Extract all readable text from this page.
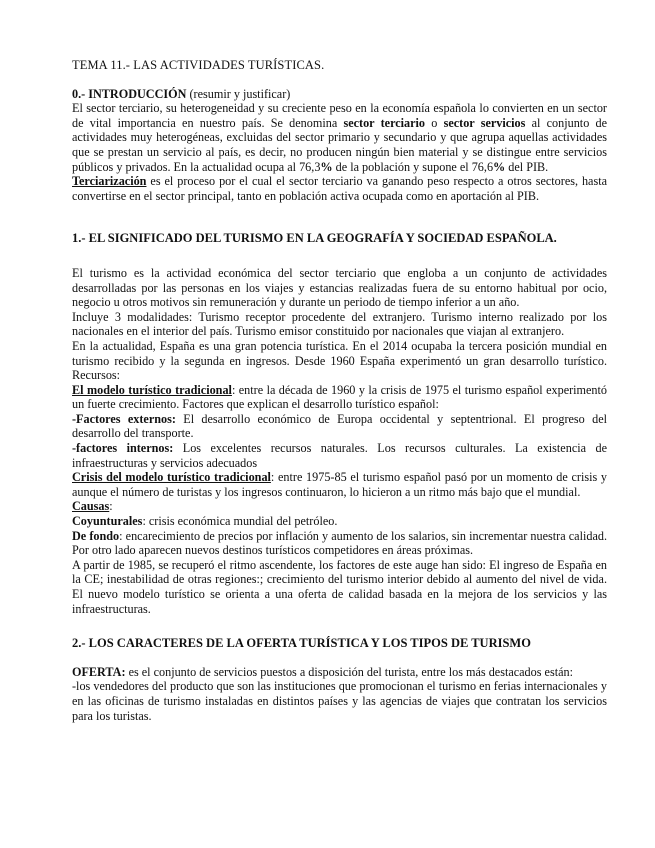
TEMA 11.- LAS ACTIVIDADES TURÍSTICAS.

0.- INTRODUCCIÓN (resumir y justificar)

El sector terciario, su heterogeneidad y su creciente peso en la economía española lo convierten en un sector de vital importancia en nuestro país. Se denomina sector terciario o sector servicios al conjunto de actividades muy heterogéneas, excluidas del sector primario y secundario y que agrupa aquellas actividades que se prestan un servicio al país, es decir, no producen ningún bien material y se distingue entre servicios públicos y privados. En la actualidad ocupa al 76,3% de la población y supone el 76,6% del PIB.

Terciarización es el proceso por el cual el sector terciario va ganando peso respecto a otros sectores, hasta convertirse en el sector principal, tanto en población activa ocupada como en aportación al PIB.

1.- EL SIGNIFICADO DEL TURISMO EN LA GEOGRAFÍA Y SOCIEDAD ESPAÑOLA.

El turismo es la actividad económica del sector terciario que engloba a un conjunto de actividades desarrolladas por las personas en los viajes y estancias realizadas fuera de su entorno habitual por ocio, negocio u otros motivos sin remuneración y durante un periodo de tiempo inferior a un año.

Incluye 3 modalidades: Turismo receptor procedente del extranjero. Turismo interno realizado por los nacionales en el interior del país. Turismo emisor constituido por nacionales que viajan al extranjero.

En la actualidad, España es una gran potencia turística. En el 2014 ocupaba la tercera posición mundial en turismo recibido y la segunda en ingresos. Desde 1960 España experimentó un gran desarrollo turístico. Recursos:

El modelo turístico tradicional: entre la década de 1960 y la crisis de 1975 el turismo español experimentó un fuerte crecimiento. Factores que explican el desarrollo turístico español:

-Factores externos: El desarrollo económico de Europa occidental y septentrional. El progreso del desarrollo del transporte.

-factores internos: Los excelentes recursos naturales. Los recursos culturales. La existencia de infraestructuras y servicios adecuados

Crisis del modelo turístico tradicional: entre 1975-85 el turismo español pasó por un momento de crisis y aunque el número de turistas y los ingresos continuaron, lo hicieron a un ritmo más bajo que el mundial.

Causas:

Coyunturales: crisis económica mundial del petróleo.

De fondo: encarecimiento de precios por inflación y aumento de los salarios, sin incrementar nuestra calidad. Por otro lado aparecen nuevos destinos turísticos competidores en áreas próximas.

A partir de 1985, se recuperó el ritmo ascendente, los factores de este auge han sido: El ingreso de España en la CE; inestabilidad de otras regiones:; crecimiento del turismo interior debido al aumento del nivel de vida. El nuevo modelo turístico se orienta a una oferta de calidad basada en la mejora de los servicios y las infraestructuras.

2.- LOS CARACTERES DE LA OFERTA TURÍSTICA Y LOS TIPOS DE TURISMO

OFERTA: es el conjunto de servicios puestos a disposición del turista, entre los más destacados están:

-los vendedores del producto que son las instituciones que promocionan el turismo en ferias internacionales y en las oficinas de turismo instaladas en distintos países y las agencias de viajes que contratan los servicios para los turistas.
